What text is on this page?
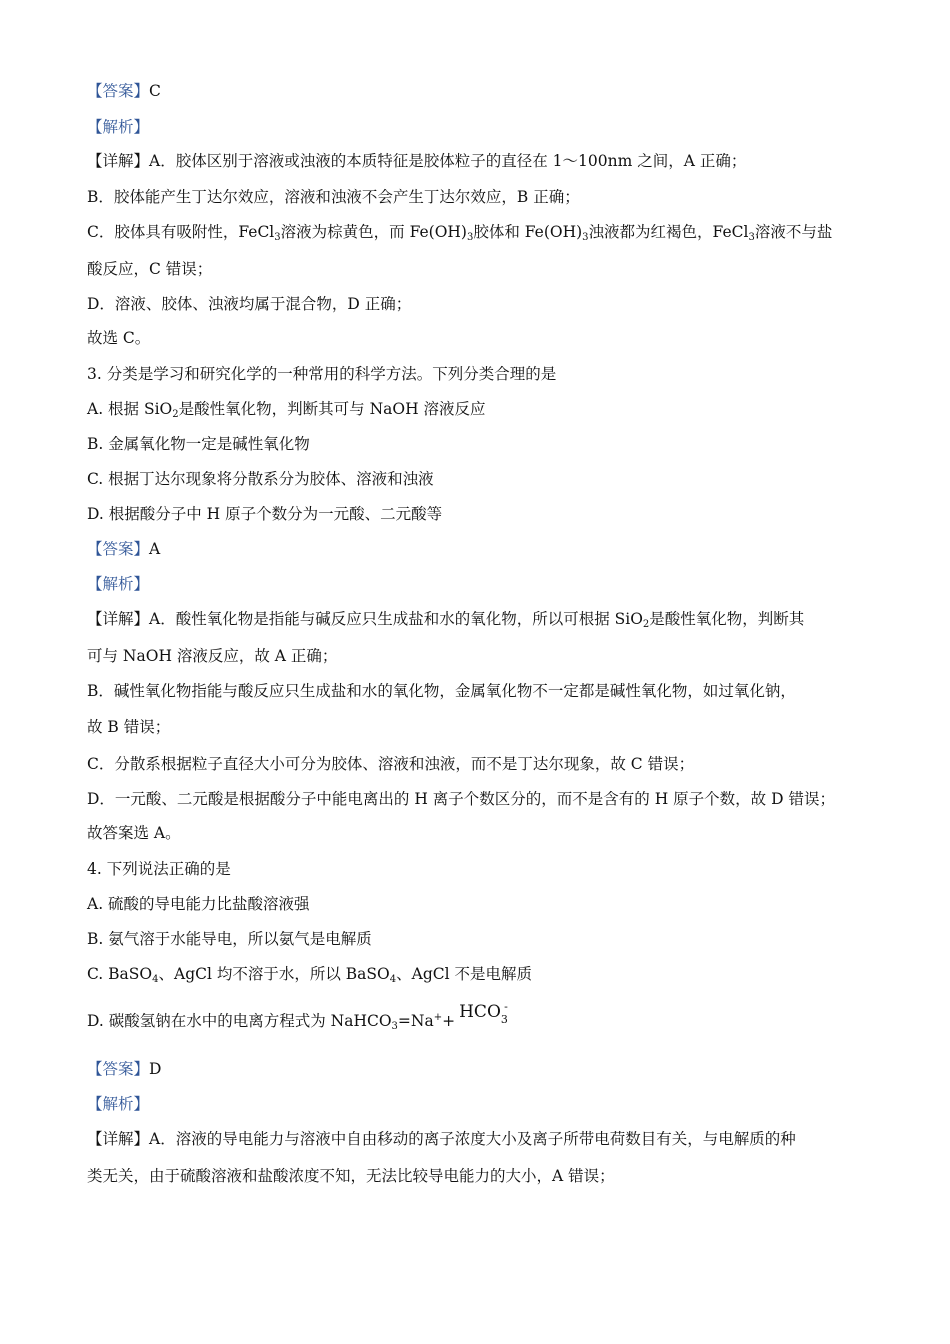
【答案】C
【解析】
【详解】A．胶体区别于溶液或浊液的本质特征是胶体粒子的直径在 1～100nm 之间，A 正确；
B．胶体能产生丁达尔效应，溶液和浊液不会产生丁达尔效应，B 正确；
C．胶体具有吸附性，FeCl$_3$溶液为棕黄色，而 $Fe(OH)_3$胶体和 $Fe(OH)_3$浊液都为红褐色，FeCl$_3$溶液不与盐
酸反应，C 错误；
D．溶液、胶体、浊液均属于混合物，D 正确；
故选 C。
3. 分类是学习和研究化学的一种常用的科学方法。下列分类合理的是
A. 根据 SiO$_2$是酸性氧化物，判断其可与 NaOH 溶液反应
B. 金属氧化物一定是碱性氧化物
C. 根据丁达尔现象将分散系分为胶体、溶液和浊液
D. 根据酸分子中 H 原子个数分为一元酸、二元酸等
【答案】A
【解析】
【详解】A．酸性氧化物是指能与碱反应只生成盐和水的氧化物，所以可根据 SiO$_2$是酸性氧化物，判断其
可与 NaOH 溶液反应，故 A 正确；
B．碱性氧化物指能与酸反应只生成盐和水的氧化物，金属氧化物不一定都是碱性氧化物，如过氧化钠，
故 B 错误；
C．分散系根据粒子直径大小可分为胶体、溶液和浊液，而不是丁达尔现象，故 C 错误；
D．一元酸、二元酸是根据酸分子中能电离出的 H 离子个数区分的，而不是含有的 H 原子个数，故 D 错误；
故答案选 A。
4. 下列说法正确的是
A. 硫酸的导电能力比盐酸溶液强
B. 氨气溶于水能导电，所以氨气是电解质
C. BaSO$_4$、AgCl 均不溶于水，所以 BaSO$_4$、AgCl 不是电解质
D. 碳酸氢钠在水中的电离方程式为 NaHCO$_3$=Na++ $HCO_3$
-
【答案】D
【解析】
【详解】A．溶液的导电能力与溶液中自由移动的离子浓度大小及离子所带电荷数目有关，与电解质的种
类无关，由于硫酸溶液和盐酸浓度不知，无法比较导电能力的大小，A 错误；
